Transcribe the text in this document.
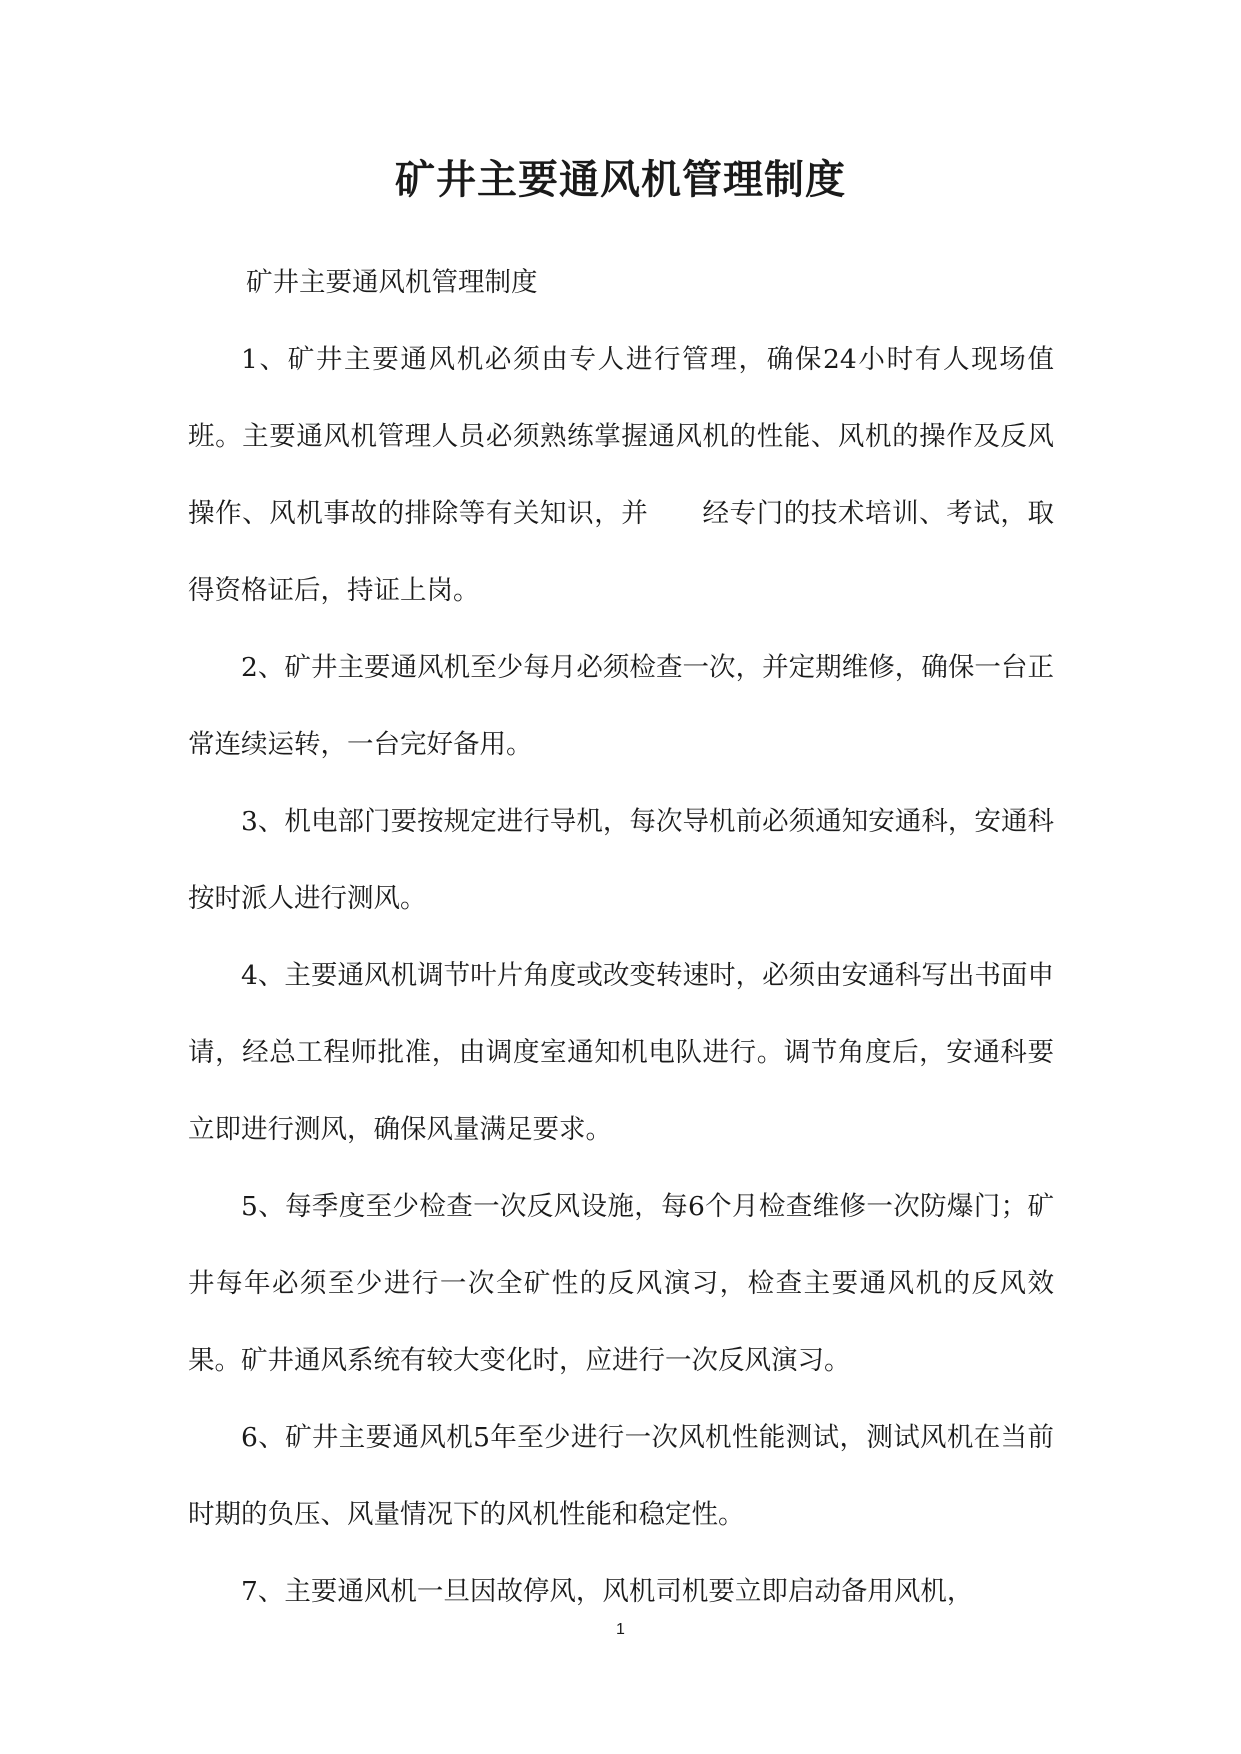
矿井主要通风机管理制度

矿井主要通风机管理制度

1、矿井主要通风机必须由专人进行管理，确保24小时有人现场值班。主要通风机管理人员必须熟练掌握通风机的性能、风机的操作及反风操作、风机事故的排除等有关知识，并　　经专门的技术培训、考试，取得资格证后，持证上岗。

2、矿井主要通风机至少每月必须检查一次，并定期维修，确保一台正常连续运转，一台完好备用。

3、机电部门要按规定进行导机，每次导机前必须通知安通科，安通科按时派人进行测风。

4、主要通风机调节叶片角度或改变转速时，必须由安通科写出书面申请，经总工程师批准，由调度室通知机电队进行。调节角度后，安通科要立即进行测风，确保风量满足要求。

5、每季度至少检查一次反风设施，每6个月检查维修一次防爆门；矿井每年必须至少进行一次全矿性的反风演习，检查主要通风机的反风效果。矿井通风系统有较大变化时，应进行一次反风演习。

6、矿井主要通风机5年至少进行一次风机性能测试，测试风机在当前时期的负压、风量情况下的风机性能和稳定性。

7、主要通风机一旦因故停风，风机司机要立即启动备用风机，

1
